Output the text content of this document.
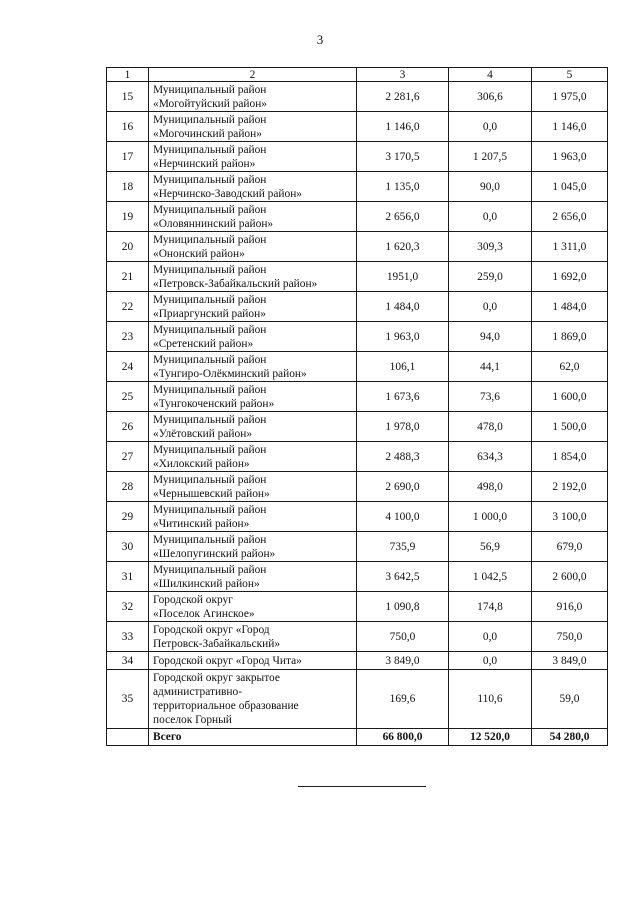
3
1	2	3	4	5
15	Муниципальный район
«Могойтуйский район»	2 281,6	306,6	1 975,0
16	Муниципальный район
«Могочинский район»	1 146,0	0,0	1 146,0
17	Муниципальный район
«Нерчинский район»	3 170,5	1 207,5	1 963,0
18	Муниципальный район
«Нерчинско-Заводский район»	1 135,0	90,0	1 045,0
19	Муниципальный район
«Оловяннинский район»	2 656,0	0,0	2 656,0
20	Муниципальный район
«Ононский район»	1 620,3	309,3	1 311,0
21	Муниципальный район
«Петровск-Забайкальский район»	1951,0	259,0	1 692,0
22	Муниципальный район
«Приаргунский район»	1 484,0	0,0	1 484,0
23	Муниципальный район
«Сретенский район»	1 963,0	94,0	1 869,0
24	Муниципальный район
«Тунгиро-Олёкминский район»	106,1	44,1	62,0
25	Муниципальный район
«Тунгокоченский район»	1 673,6	73,6	1 600,0
26	Муниципальный район
«Улётовский район»	1 978,0	478,0	1 500,0
27	Муниципальный район
«Хилокский район»	2 488,3	634,3	1 854,0
28	Муниципальный район
«Чернышевский район»	2 690,0	498,0	2 192,0
29	Муниципальный район
«Читинский район»	4 100,0	1 000,0	3 100,0
30	Муниципальный район
«Шелопугинский район»	735,9	56,9	679,0
31	Муниципальный район
«Шилкинский район»	3 642,5	1 042,5	2 600,0
32	Городской округ
«Поселок Агинское»	1 090,8	174,8	916,0
33	Городской округ «Город
Петровск-Забайкальский»	750,0	0,0	750,0
34	Городской округ «Город Чита»	3 849,0	0,0	3 849,0
35	Городской округ закрытое
административно-
территориальное образование
поселок Горный	169,6	110,6	59,0
	Всего	66 800,0	12 520,0	54 280,0
